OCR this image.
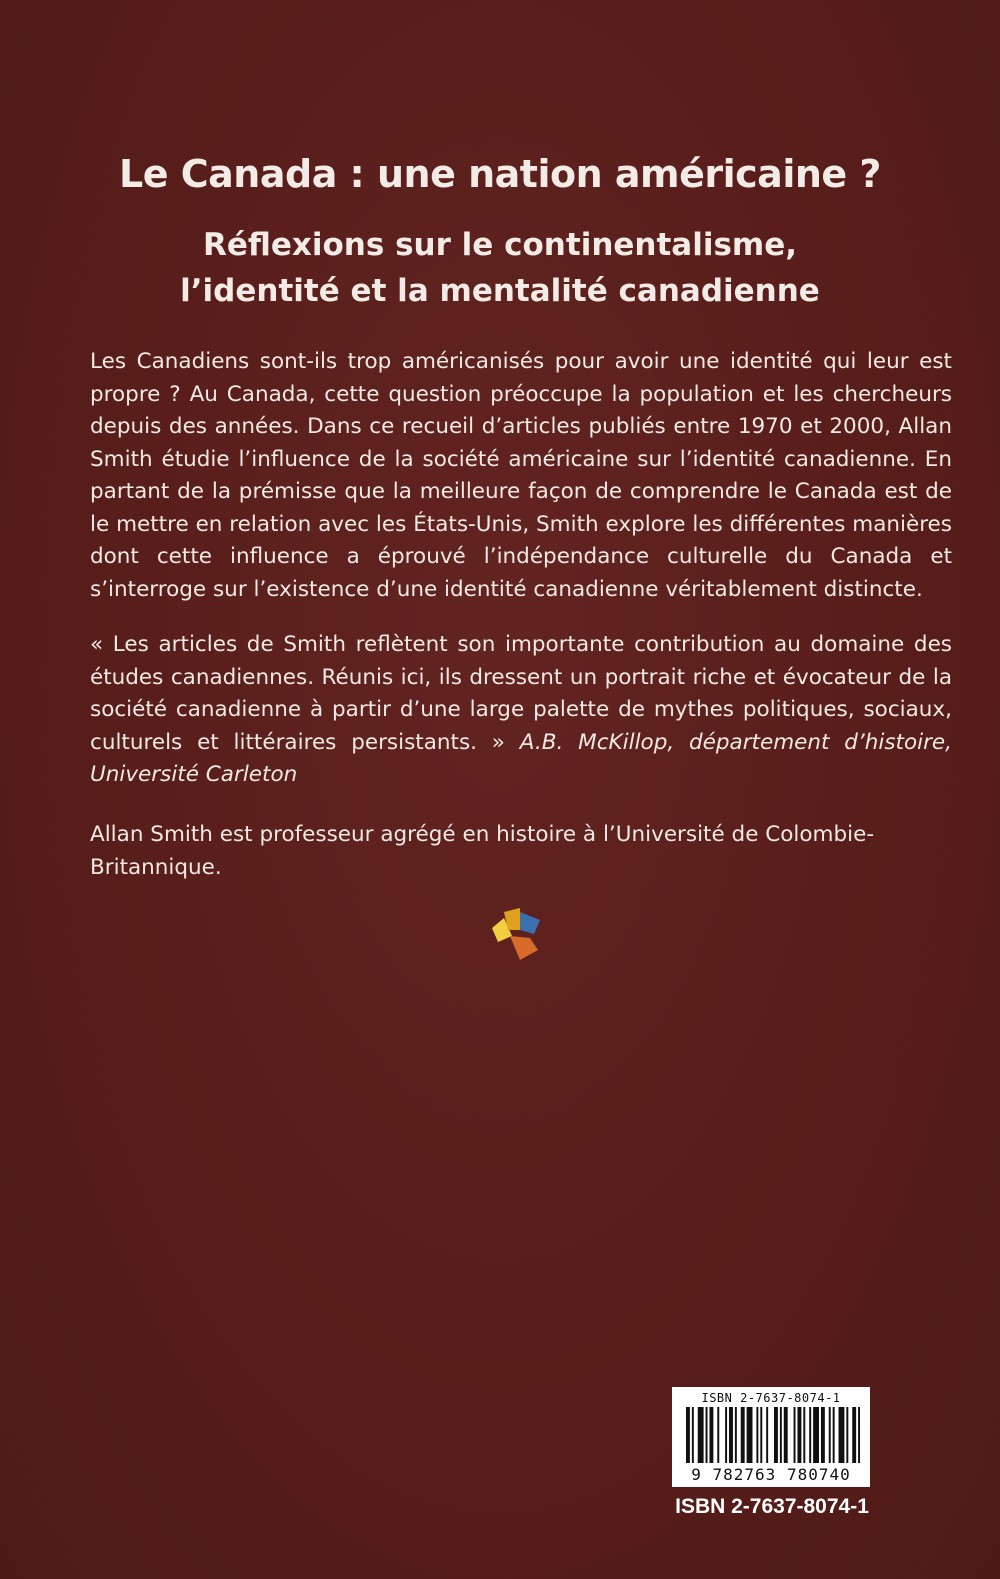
Le Canada : une nation américaine ?
Réflexions sur le continentalisme,
l’identité et la mentalité canadienne

Les Canadiens sont-ils trop américanisés pour avoir une identité qui leur est propre ? Au Canada, cette question préoccupe la population et les chercheurs depuis des années. Dans ce recueil d’articles publiés entre 1970 et 2000, Allan Smith étudie l’influence de la société américaine sur l’identité canadienne. En partant de la prémisse que la meilleure façon de comprendre le Canada est de le mettre en relation avec les États-Unis, Smith explore les différentes manières dont cette influence a éprouvé l’indépendance culturelle du Canada et s’interroge sur l’existence d’une identité canadienne véritablement distincte.

« Les articles de Smith reflètent son importante contribution au domaine des études canadiennes. Réunis ici, ils dressent un portrait riche et évocateur de la société canadienne à partir d’une large palette de mythes politiques, sociaux, culturels et littéraires persistants. » A.B. McKillop, département d’histoire, Université Carleton

Allan Smith est professeur agrégé en histoire à l’Université de Colombie-Britannique.

ISBN 2-7637-8074-1
9 782763 780740
ISBN 2-7637-8074-1
